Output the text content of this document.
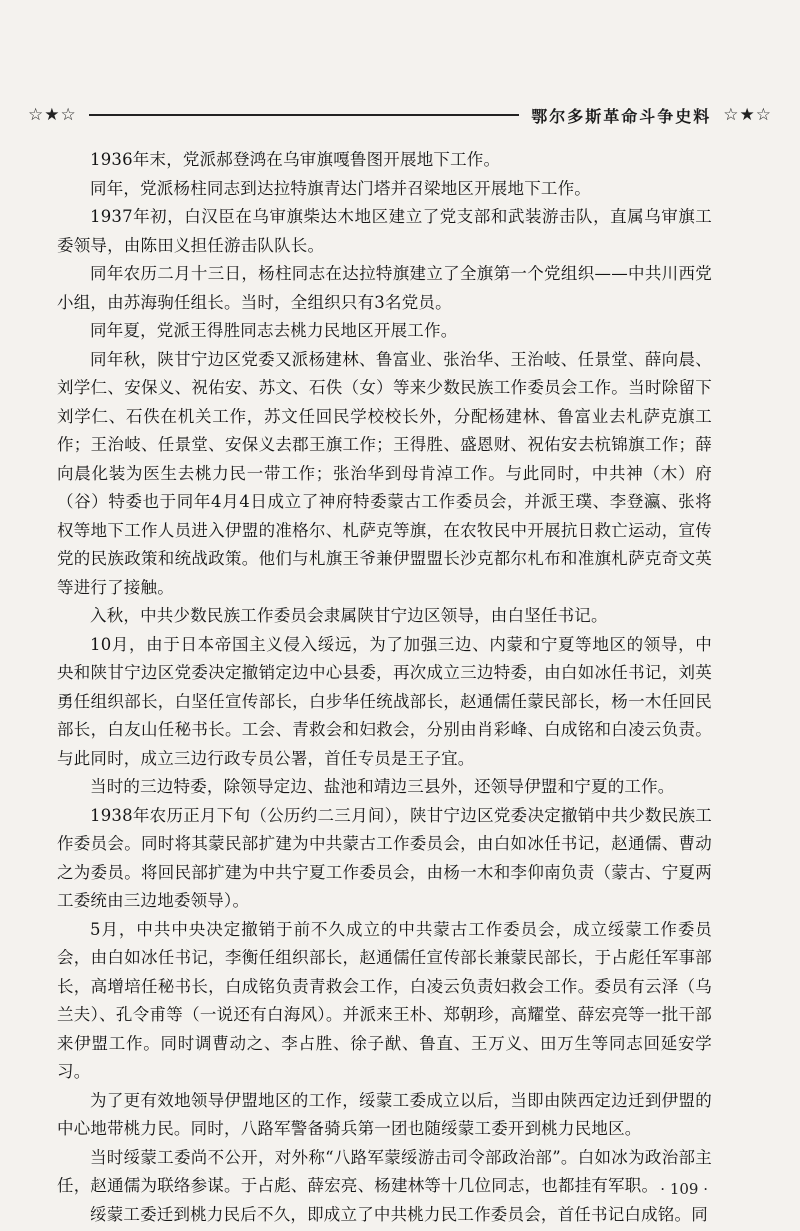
☆★☆	鄂尔多斯革命斗争史料 ☆★☆

1936年末，党派郝登鸿在乌审旗嘎鲁图开展地下工作。

同年，党派杨柱同志到达拉特旗青达门塔并召梁地区开展地下工作。

1937年初，白汉臣在乌审旗柴达木地区建立了党支部和武装游击队，直属乌审旗工委领导，由陈田义担任游击队队长。

同年农历二月十三日，杨柱同志在达拉特旗建立了全旗第一个党组织——中共川西党小组，由苏海驹任组长。当时，全组织只有3名党员。

同年夏，党派王得胜同志去桃力民地区开展工作。

同年秋，陕甘宁边区党委又派杨建林、鲁富业、张治华、王治岐、任景堂、薛向晨、刘学仁、安保义、祝佑安、苏文、石佚（女）等来少数民族工作委员会工作。当时除留下刘学仁、石佚在机关工作，苏文任回民学校校长外，分配杨建林、鲁富业去札萨克旗工作；王治岐、任景堂、安保义去郡王旗工作；王得胜、盛恩财、祝佑安去杭锦旗工作；薛向晨化装为医生去桃力民一带工作；张治华到母肯淖工作。与此同时，中共神（木）府（谷）特委也于同年4月4日成立了神府特委蒙古工作委员会，并派王璞、李登瀛、张将权等地下工作人员进入伊盟的准格尔、札萨克等旗，在农牧民中开展抗日救亡运动，宣传党的民族政策和统战政策。他们与札旗王爷兼伊盟盟长沙克都尔札布和准旗札萨克奇文英等进行了接触。

入秋，中共少数民族工作委员会隶属陕甘宁边区领导，由白坚任书记。

10月，由于日本帝国主义侵入绥远，为了加强三边、内蒙和宁夏等地区的领导，中央和陕甘宁边区党委决定撤销定边中心县委，再次成立三边特委，由白如冰任书记，刘英勇任组织部长，白坚任宣传部长，白步华任统战部长，赵通儒任蒙民部长，杨一木任回民部长，白友山任秘书长。工会、青救会和妇救会，分别由肖彩峰、白成铭和白凌云负责。与此同时，成立三边行政专员公署，首任专员是王子宜。

当时的三边特委，除领导定边、盐池和靖边三县外，还领导伊盟和宁夏的工作。

1938年农历正月下旬（公历约二三月间），陕甘宁边区党委决定撤销中共少数民族工作委员会。同时将其蒙民部扩建为中共蒙古工作委员会，由白如冰任书记，赵通儒、曹动之为委员。将回民部扩建为中共宁夏工作委员会，由杨一木和李仰南负责（蒙古、宁夏两工委统由三边地委领导）。

5月，中共中央决定撤销于前不久成立的中共蒙古工作委员会，成立绥蒙工作委员会，由白如冰任书记，李衡任组织部长，赵通儒任宣传部长兼蒙民部长，于占彪任军事部长，高增培任秘书长，白成铭负责青救会工作，白凌云负责妇救会工作。委员有云泽（乌兰夫）、孔令甫等（一说还有白海风）。并派来王朴、郑朝珍，高耀堂、薛宏亮等一批干部来伊盟工作。同时调曹动之、李占胜、徐子猷、鲁直、王万义、田万生等同志回延安学习。

为了更有效地领导伊盟地区的工作，绥蒙工委成立以后，当即由陕西定边迁到伊盟的中心地带桃力民。同时，八路军警备骑兵第一团也随绥蒙工委开到桃力民地区。

当时绥蒙工委尚不公开，对外称“八路军蒙绥游击司令部政治部”。白如冰为政治部主任，赵通儒为联络参谋。于占彪、薛宏亮、杨建林等十几位同志，也都挂有军职。

绥蒙工委迁到桃力民后不久，即成立了中共桃力民工作委员会，首任书记白成铭。同

· 109 ·
